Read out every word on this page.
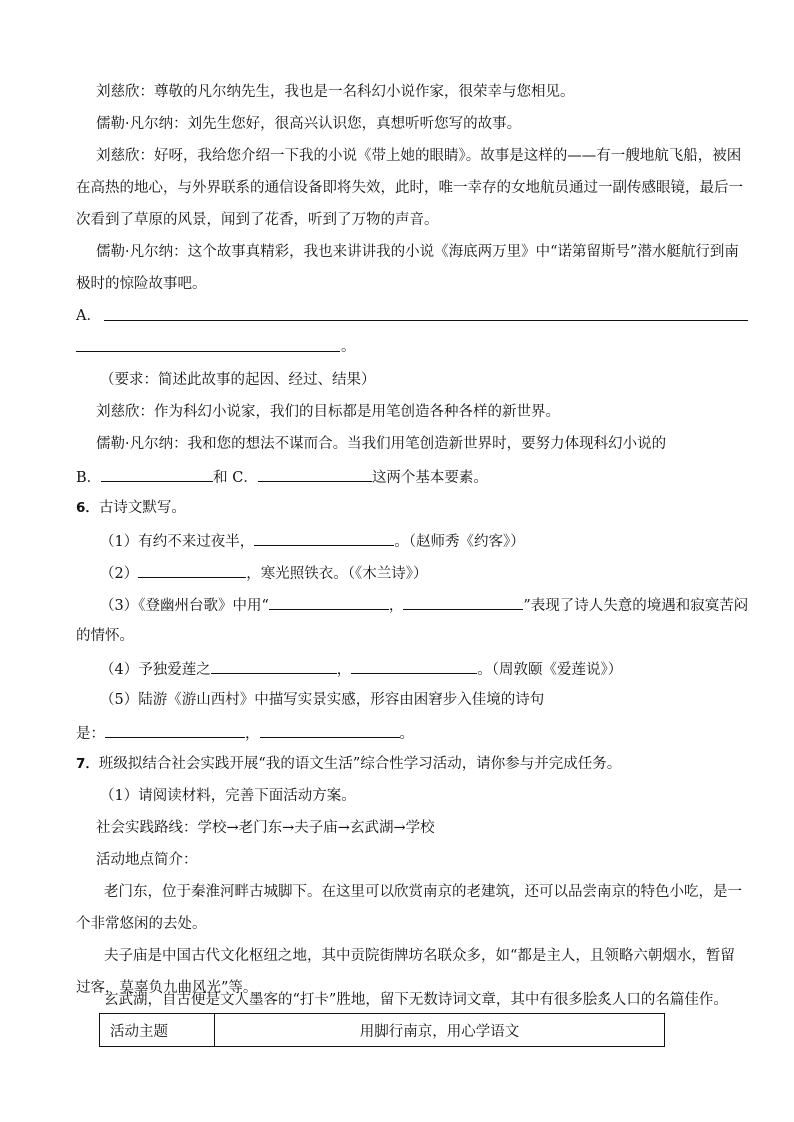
刘慈欣：尊敬的凡尔纳先生，我也是一名科幻小说作家，很荣幸与您相见。
儒勒·凡尔纳：刘先生您好，很高兴认识您，真想听听您写的故事。
刘慈欣：好呀，我给您介绍一下我的小说《带上她的眼睛》。故事是这样的——有一艘地航飞船，被困
在高热的地心，与外界联系的通信设备即将失效，此时，唯一幸存的女地航员通过一副传感眼镜，最后一
次看到了草原的风景，闻到了花香，听到了万物的声音。
儒勒·凡尔纳：这个故事真精彩，我也来讲讲我的小说《海底两万里》中“诺第留斯号”潜水艇航行到南
极时的惊险故事吧。
A．
。
（要求：简述此故事的起因、经过、结果）
刘慈欣：作为科幻小说家，我们的目标都是用笔创造各种各样的新世界。
儒勒·凡尔纳：我和您的想法不谋而合。当我们用笔创造新世界时，要努力体现科幻小说的
B．	和 C．	这两个基本要素。
6．古诗文默写。
（1）有约不来过夜半，	。（赵师秀《约客》）
（2）	，寒光照铁衣。（《木兰诗》）
（3）《登幽州台歌》中用“	，	”表现了诗人失意的境遇和寂寞苦闷
的情怀。
（4）予独爱莲之	，	。（周敦颐《爱莲说》）
（5）陆游《游山西村》中描写实景实感，形容由困窘步入佳境的诗句
是：	，	。
7．班级拟结合社会实践开展“我的语文生活”综合性学习活动，请你参与并完成任务。
（1）请阅读材料，完善下面活动方案。
社会实践路线：学校→老门东→夫子庙→玄武湖→学校
活动地点简介：
老门东，位于秦淮河畔古城脚下。在这里可以欣赏南京的老建筑，还可以品尝南京的特色小吃，是一
个非常悠闲的去处。
夫子庙是中国古代文化枢纽之地，其中贡院街牌坊名联众多，如“都是主人，且领略六朝烟水，暂留
过客，莫辜负九曲风光”等。
玄武湖，自古便是文人墨客的“打卡”胜地，留下无数诗词文章，其中有很多脍炙人口的名篇佳作。
活动主题	用脚行南京，用心学语文
